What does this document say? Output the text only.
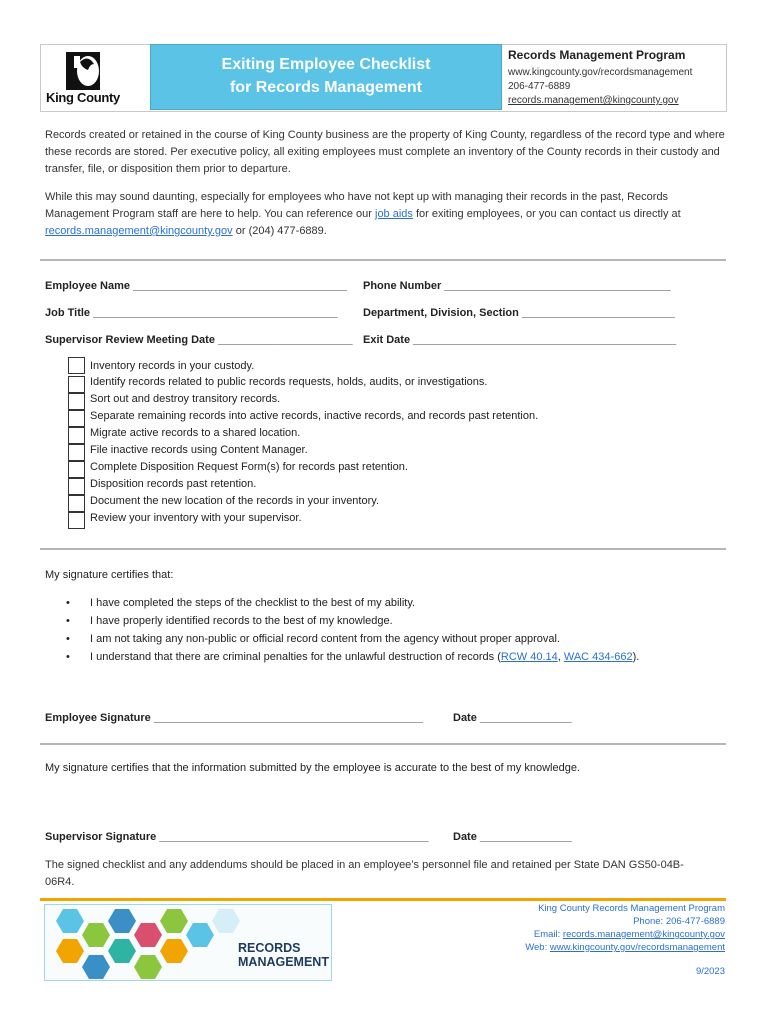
King County
Exiting Employee Checklist
for Records Management
Records Management Program
www.kingcounty.gov/recordsmanagement
206-477-6889
records.management@kingcounty.gov
Records created or retained in the course of King County business are the property of King County, regardless of the record type and where these records are stored. Per executive policy, all exiting employees must complete an inventory of the County records in their custody and transfer, file, or disposition them prior to departure.
While this may sound daunting, especially for employees who have not kept up with managing their records in the past, Records Management Program staff are here to help. You can reference our job aids for exiting employees, or you can contact us directly at records.management@kingcounty.gov or (204) 477-6889.
Employee Name ___________________________________ Phone Number _____________________________________
Job Title ________________________________________ Department, Division, Section _________________________
Supervisor Review Meeting Date ______________________ Exit Date ___________________________________________
Inventory records in your custody.
Identify records related to public records requests, holds, audits, or investigations.
Sort out and destroy transitory records.
Separate remaining records into active records, inactive records, and records past retention.
Migrate active records to a shared location.
File inactive records using Content Manager.
Complete Disposition Request Form(s) for records past retention.
Disposition records past retention.
Document the new location of the records in your inventory.
Review your inventory with your supervisor.
My signature certifies that:
• I have completed the steps of the checklist to the best of my ability.
• I have properly identified records to the best of my knowledge.
• I am not taking any non-public or official record content from the agency without proper approval.
• I understand that there are criminal penalties for the unlawful destruction of records (RCW 40.14, WAC 434-662).
Employee Signature ____________________________________________	Date _______________
My signature certifies that the information submitted by the employee is accurate to the best of my knowledge.
Supervisor Signature ____________________________________________ Date _______________
The signed checklist and any addendums should be placed in an employee’s personnel file and retained per State DAN GS50-04B-
06R4.
RECORDS
MANAGEMENT
King County Records Management Program
Phone: 206-477-6889
Email: records.management@kingcounty.gov
Web: www.kingcounty.gov/recordsmanagement
9/2023
